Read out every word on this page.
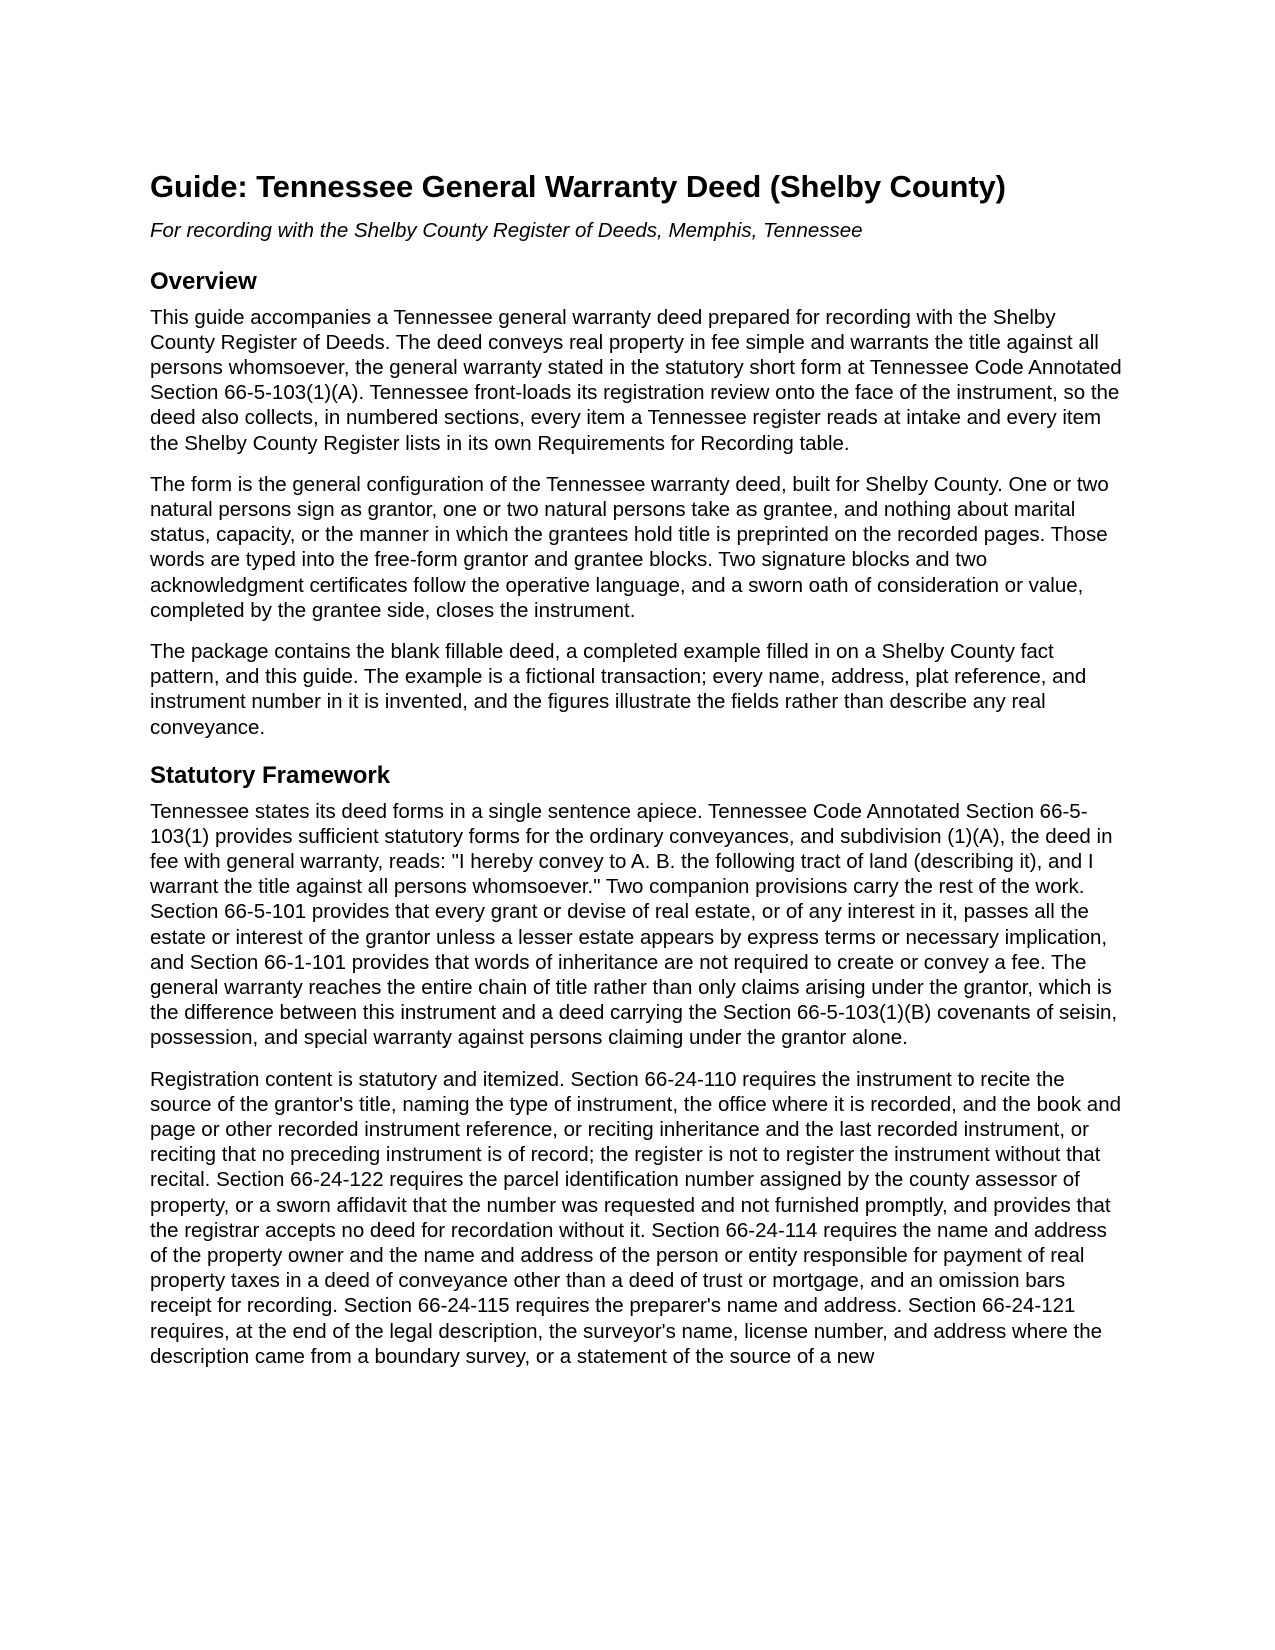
Guide: Tennessee General Warranty Deed (Shelby County)
For recording with the Shelby County Register of Deeds, Memphis, Tennessee
Overview

This guide accompanies a Tennessee general warranty deed prepared for recording with the Shelby County Register of Deeds. The deed conveys real property in fee simple and warrants the title against all persons whomsoever, the general warranty stated in the statutory short form at Tennessee Code Annotated Section 66-5-103(1)(A). Tennessee front-loads its registration review onto the face of the instrument, so the deed also collects, in numbered sections, every item a Tennessee register reads at intake and every item the Shelby County Register lists in its own Requirements for Recording table.

The form is the general configuration of the Tennessee warranty deed, built for Shelby County. One or two natural persons sign as grantor, one or two natural persons take as grantee, and nothing about marital status, capacity, or the manner in which the grantees hold title is preprinted on the recorded pages. Those words are typed into the free-form grantor and grantee blocks. Two signature blocks and two acknowledgment certificates follow the operative language, and a sworn oath of consideration or value, completed by the grantee side, closes the instrument.

The package contains the blank fillable deed, a completed example filled in on a Shelby County fact pattern, and this guide. The example is a fictional transaction; every name, address, plat reference, and instrument number in it is invented, and the figures illustrate the fields rather than describe any real conveyance.

Statutory Framework

Tennessee states its deed forms in a single sentence apiece. Tennessee Code Annotated Section 66-5-103(1) provides sufficient statutory forms for the ordinary conveyances, and subdivision (1)(A), the deed in fee with general warranty, reads: "I hereby convey to A. B. the following tract of land (describing it), and I warrant the title against all persons whomsoever." Two companion provisions carry the rest of the work. Section 66-5-101 provides that every grant or devise of real estate, or of any interest in it, passes all the estate or interest of the grantor unless a lesser estate appears by express terms or necessary implication, and Section 66-1-101 provides that words of inheritance are not required to create or convey a fee. The general warranty reaches the entire chain of title rather than only claims arising under the grantor, which is the difference between this instrument and a deed carrying the Section 66-5-103(1)(B) covenants of seisin, possession, and special warranty against persons claiming under the grantor alone.

Registration content is statutory and itemized. Section 66-24-110 requires the instrument to recite the source of the grantor's title, naming the type of instrument, the office where it is recorded, and the book and page or other recorded instrument reference, or reciting inheritance and the last recorded instrument, or reciting that no preceding instrument is of record; the register is not to register the instrument without that recital. Section 66-24-122 requires the parcel identification number assigned by the county assessor of property, or a sworn affidavit that the number was requested and not furnished promptly, and provides that the registrar accepts no deed for recordation without it. Section 66-24-114 requires the name and address of the property owner and the name and address of the person or entity responsible for payment of real property taxes in a deed of conveyance other than a deed of trust or mortgage, and an omission bars receipt for recording. Section 66-24-115 requires the preparer's name and address. Section 66-24-121 requires, at the end of the legal description, the surveyor's name, license number, and address where the description came from a boundary survey, or a statement of the source of a new
